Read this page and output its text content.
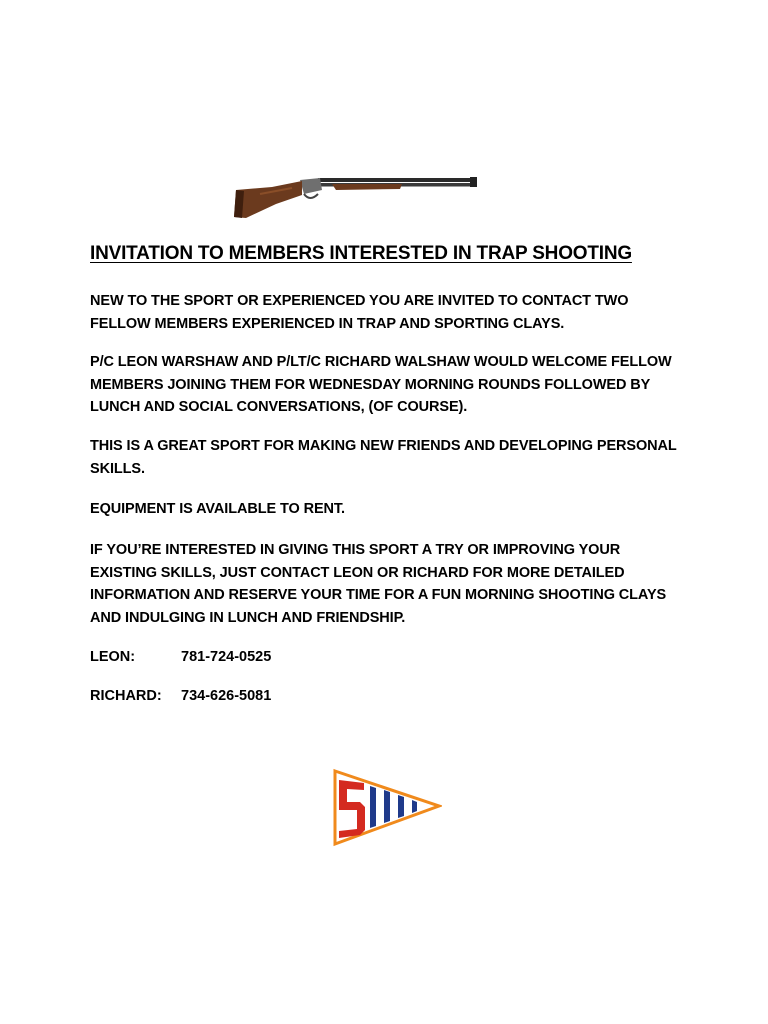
INVITATION TO MEMBERS INTERESTED IN TRAP SHOOTING

NEW TO THE SPORT OR EXPERIENCED YOU ARE INVITED TO CONTACT TWO FELLOW MEMBERS EXPERIENCED IN TRAP AND SPORTING CLAYS.

P/C LEON WARSHAW AND P/LT/C RICHARD WALSHAW WOULD WELCOME FELLOW MEMBERS JOINING THEM FOR WEDNESDAY MORNING ROUNDS FOLLOWED BY LUNCH AND SOCIAL CONVERSATIONS, (OF COURSE).

THIS IS A GREAT SPORT FOR MAKING NEW FRIENDS AND DEVELOPING PERSONAL SKILLS.

EQUIPMENT IS AVAILABLE TO RENT.

IF YOU’RE INTERESTED IN GIVING THIS SPORT A TRY OR IMPROVING YOUR EXISTING SKILLS, JUST CONTACT LEON OR RICHARD FOR MORE DETAILED INFORMATION AND RESERVE YOUR TIME FOR A FUN MORNING SHOOTING CLAYS AND INDULGING IN LUNCH AND FRIENDSHIP.

LEON:	781-724-0525

RICHARD: 734-626-5081
